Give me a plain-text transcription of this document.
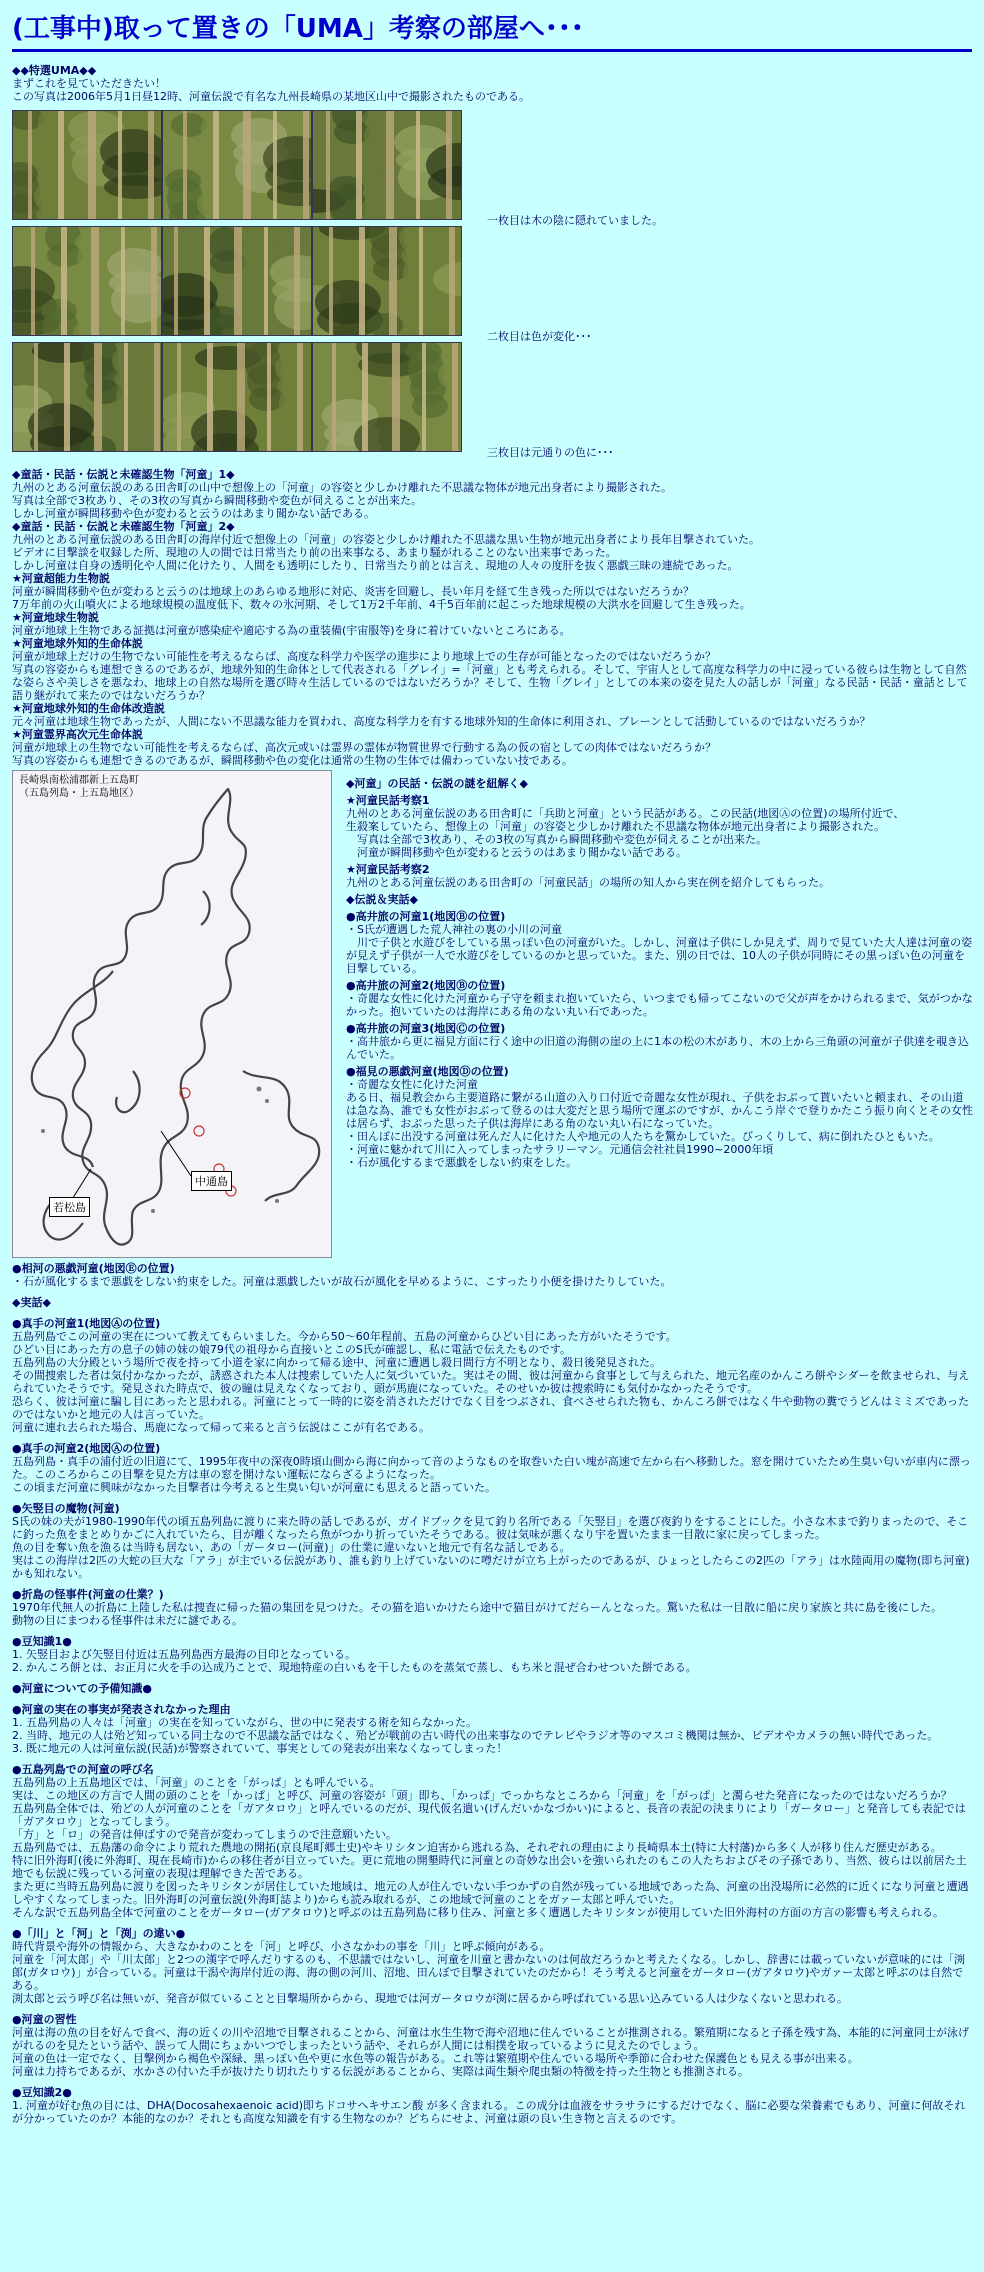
(工事中)取って置きの「UMA」考察の部屋へ･･･

◆◆特選UMA◆◆

まずこれを見ていただきたい！

この写真は2006年5月1日昼12時、河童伝説で有名な九州長崎県の某地区山中で撮影されたものである。

一枚目は木の陰に隠れていました。
二枚目は色が変化･･･
三枚目は元通りの色に･･･

◆童話・民話・伝説と未確認生物「河童」1◆

九州のとある河童伝説のある田舎町の山中で想像上の「河童」の容姿と少しかけ離れた不思議な物体が地元出身者により撮影された。

写真は全部で3枚あり、その3枚の写真から瞬間移動や変色が伺えることが出来た。

しかし河童が瞬間移動や色が変わると云うのはあまり聞かない話である。

◆童話・民話・伝説と未確認生物「河童」2◆

九州のとある河童伝説のある田舎町の海岸付近で想像上の「河童」の容姿と少しかけ離れた不思議な黒い生物が地元出身者により長年目撃されていた。

ビデオに目撃談を収録した所、現地の人の間では日常当たり前の出来事なる、あまり騒がれることのない出来事であった。

しかし河童は自身の透明化や人間に化けたり、人間をも透明にしたり、日常当たり前とは言え、現地の人々の度肝を抜く悪戯三昧の連続であった。

★河童超能力生物説

河童が瞬間移動や色が変わると云うのは地球上のあらゆる地形に対応、炎害を回避し、長い年月を経て生き残った所以ではないだろうか？

7万年前の火山噴火による地球規模の温度低下、数々の氷河期、そして1万2千年前、4千5百年前に起こった地球規模の大洪水を回避して生き残った。

★河童地球生物説

河童が地球上生物である証拠は河童が感染症や適応する為の重装備(宇宙服等)を身に着けていないところにある。

★河童地球外知的生命体説

河童が地球上だけの生物でない可能性を考えるならば、高度な科学力や医学の進歩により地球上での生存が可能となったのではないだろうか？

写真の容姿からも連想できるのであるが、地球外知的生命体として代表される「グレイ」=「河童」とも考えられる。そして、宇宙人として高度な科学力の中に浸っている彼らは生物として自然な姿らさや美しさを悪なわ、地球上の自然な場所を選び時々生活しているのではないだろうか？そして、生物「グレイ」としての本来の姿を見た人の話しが「河童」なる民話・民話・童話として語り継がれて来たのではないだろうか？

★河童地球外知的生命体改造説

元々河童は地球生物であったが、人間にない不思議な能力を買われ、高度な科学力を有する地球外知的生命体に利用され、ブレーンとして活動しているのではないだろうか？

★河童霊界高次元生命体説

河童が地球上の生物でない可能性を考えるならば、高次元或いは霊界の霊体が物質世界で行動する為の仮の宿としての肉体ではないだろうか？

写真の容姿からも連想できるのであるが、瞬間移動や色の変化は通常の生物の生体では備わっていない技である。

長崎県南松浦郡新上五島町
（五島列島・上五島地区）
中通島
若松島

◆河童」の民話・伝説の謎を紐解く◆

★河童民話考察1

九州のとある河童伝説のある田舎町に「兵助と河童」という民話がある。この民話(地図Ⓐの位置)の場所付近で、

生殺案していたら、想像上の「河童」の容姿と少しかけ離れた不思議な物体が地元出身者により撮影された。

　写真は全部で3枚あり、その3枚の写真から瞬間移動や変色が伺えることが出来た。

　河童が瞬間移動や色が変わると云うのはあまり聞かない話である。

★河童民話考察2

九州のとある河童伝説のある田舎町の「河童民話」の場所の知人から実在例を紹介してもらった。

◆伝説＆実話◆

●高井旅の河童1(地図Ⓑの位置)

・S氏が遭遇した荒人神社の裏の小川の河童

　川で子供と水遊びをしている黒っぽい色の河童がいた。しかし、河童は子供にしか見えず、周りで見ていた大人達は河童の姿が見えず子供が一人で水遊びをしているのかと思っていた。また、別の日では、10人の子供が同時にその黒っぽい色の河童を目撃している。

●高井旅の河童2(地図Ⓑの位置)

・奇麗な女性に化けた河童から子守を頼まれ抱いていたら、いつまでも帰ってこないので父が声をかけられるまで、気がつかなかった。抱いていたのは海岸にある角のない丸い石であった。

●高井旅の河童3(地図Ⓒの位置)

・高井旅から更に福見方面に行く途中の旧道の海側の崖の上に1本の松の木があり、木の上から三角頭の河童が子供達を覗き込んでいた。

●福見の悪戯河童(地図Ⓓの位置)

・奇麗な女性に化けた河童

ある日、福見教会から主要道路に繋がる山道の入り口付近で奇麗な女性が現れ、子供をおぶって貰いたいと頼まれ、その山道は急な為、誰でも女性がおぶって登るのは大変だと思う場所で運ぶのですが、かんこう岸ぐで登りかたこう振り向くとその女性は居らず、おぶった思った子供は海岸にある角のない丸い石になっていた。

・田んぼに出没する河童は死んだ人に化けた人や地元の人たちを驚かしていた。びっくりして、病に倒れたひともいた。

・河童に魅かれて川に入ってしまったサラリーマン。元通信会社社員1990~2000年頃

・石が風化するまで悪戯をしない約束をした。

●相河の悪戯河童(地図Ⓔの位置)

・石が風化するまで悪戯をしない約束をした。河童は悪戯したいが故石が風化を早めるように、こすったり小便を掛けたりしていた。

◆実話◆

●真手の河童1(地図Ⓐの位置)

五島列島でこの河童の実在について教えてもらいました。今から50～60年程前、五島の河童からひどい目にあった方がいたそうです。

ひどい目にあった方の息子の姉の妹の娘79代の祖母から直接いとこのS氏が確認し、私に電話で伝えたものです。

五島列島の大分殿という場所で夜を持って小道を家に向かって帰る途中、河童に遭遇し殺日間行方不明となり、殺日後発見された。

その間捜索した者は気付かなかったが、誘惑された本人は捜索していた人に気づいていた。実はその間、彼は河童から食事として与えられた、地元名産のかんころ餅やシダーを飲ませられ、与えられていたそうです。発見された時点で、彼の瞳は見えなくなっており、頭が馬鹿になっていた。そのせいか彼は捜索時にも気付かなかったそうです。

恐らく、彼は河童に騙し目にあったと思われる。河童にとって一時的に姿を消されただけでなく目をつぶされ、食べさせられた物も、かんころ餅ではなく牛や動物の糞でうどんはミミズであったのではないかと地元の人は言っていた。

河童に連れ去られた場合、馬鹿になって帰って来ると言う伝説はここが有名である。

●真手の河童2(地図Ⓐの位置)

五島列島・真手の浦付近の旧道にて、1995年夜中の深夜0時頃山側から海に向かって音のようなものを取巻いた白い塊が高速で左から右へ移動した。窓を開けていたため生臭い匂いが車内に漂った。このころからこの目撃を見た方は車の窓を開けない運転にならざるようになった。

この頃まだ河童に興味がなかった目撃者は今考えると生臭い匂いが河童にも思えると語っていた。

●矢竪目の魔物(河童)

S氏の妹の夫が1980-1990年代の頃五島列島に渡りに来た時の話しであるが、ガイドブックを見て釣り名所である「矢竪目」を選び夜釣りをすることにした。小さな木まで釣りまったので、そこに釣った魚をまとめりかごに入れていたら、目が離くなったら魚がつかり折っていたそうである。彼は気味が悪くなり宇を置いたまま一目散に家に戻ってしまった。

魚の目を奪い魚を漁るは当時も居ない、あの「ガータロー(河童)」の仕業に違いないと地元で有名な話しである。

実はこの海岸は2匹の大蛇の巨大な「アラ」が主でいる伝説があり、誰も釣り上げていないのに噂だけが立ち上がったのであるが、ひょっとしたらこの2匹の「アラ」は水陸両用の魔物(即ち河童)かも知れない。

●折島の怪事件(河童の仕業？)

1970年代無人の折島に上陸した私は捜査に帰った猫の集団を見つけた。その猫を追いかけたら途中で猫目がけてだらーんとなった。驚いた私は一目散に船に戻り家族と共に島を後にした。

動物の目にまつわる怪事件は未だに謎である。

●豆知識1●

1. 矢竪目および矢竪目付近は五島列島西方最海の目印となっている。

2. かんころ餅とは、お正月に火を手の込成乃ことで、現地特産の白いもを干したものを蒸気で蒸し、もち米と混ぜ合わせついた餅である。

●河童についての予備知識●

●河童の実在の事実が発表されなかった理由

1. 五島列島の人々は「河童」の実在を知っていながら、世の中に発表する術を知らなかった。

2. 当時、地元の人は殆ど知っている同士なので不思議な話ではなく、殆どが戦前の古い時代の出来事なのでテレビやラジオ等のマスコミ機関は無か、ビデオやカメラの無い時代であった。

3. 既に地元の人は河童伝説(民話)が警察されていて、事実としての発表が出来なくなってしまった！

●五島列島での河童の呼び名

五島列島の上五島地区では、「河童」のことを「がっぱ」とも呼んでいる。

実は、この地区の方言で人間の頭のことを「かっぱ」と呼び、河童の容姿が「頭」即ち、「かっぱ」でっかちなところから「河童」を「がっぱ」と濁らせた発音になったのではないだろうか？

五島列島全体では、殆どの人が河童のことを「ガアタロウ」と呼んでいるのだが、現代仮名遣い(げんだいかなづかい)によると、長音の表記の決まりにより「ガータロー」と発音しても表記では「ガアタロウ」となってしまう。

「方」と「ロ」の発音は伸ばすので発音が変わってしまうので注意願いたい。

五島列島では、五島藩の命令により荒れた農地の開拓(京良尾町郷土史)やキリシタン迫害から逃れる為、それぞれの理由により長崎県本土(特に大村藩)から多く人が移り住んだ歴史がある。

特に旧外海町(後に外海町、現在長崎市)からの移住者が目立っていた。更に荒地の開墾時代に河童との奇妙な出会いを強いられたのもこの人たちおよびその子孫であり、当然、彼らは以前居た土地でも伝説に残っている河童の表現は理解できた苦である。

また更に当時五島列島に渡りを図ったキリシタンが居住していた地域は、地元の人が住んでいない手つかずの自然が残っている地域であった為、河童の出没場所に必然的に近くになり河童と遭遇しやすくなってしまった。旧外海町の河童伝説(外海町誌より)からも読み取れるが、この地域で河童のことをガァー太郎と呼んでいた。

そんな訳で五島列島全体で河童のことをガータロー(ガアタロウ)と呼ぶのは五島列島に移り住み、河童と多く遭遇したキリシタンが使用していた旧外海村の方面の方言の影響も考えられる。

●「川」と「河」と「渕」の違い●

時代背景や海外の情報から、大きなかわのことを「河」と呼び、小さなかわの事を「川」と呼ぶ傾向がある。

河童を「河太郎」や「川太郎」と2つの漢字で呼んだりするのも、不思議ではないし、河童を川童と書かないのは何故だろうかと考えたくなる。しかし、辞書には載っていないが意味的には「渕郎(ガタロウ)」が合っている。河童は干潟や海岸付近の海、海の側の河川、沼地、田んぼで目撃されていたのだから！そう考えると河童をガータロー(ガアタロウ)やガァー太郎と呼ぶのは自然である。

渕太郎と云う呼び名は無いが、発音が似ていることと目撃場所からから、現地では河ガータロウが渕に居るから呼ばれている思い込みている人は少なくないと思われる。

●河童の習性

河童は海の魚の目を好んで食べ、海の近くの川や沼地で目撃されることから、河童は水生生物で海や沼地に住んでいることが推測される。繁殖期になると子孫を残す為、本能的に河童同士が泳げがれるのを見たという話や、誤って人間にちょかいつでしまったという話や、それらが人間には相撲を取っているように見えたのでしょう。

河童の色は一定でなく、目撃例から褐色や深緑、黒っぽい色や更に水色等の報告がある。これ等は繁殖期や住んでいる場所や季節に合わせた保護色とも見える事が出来る。

河童は力持ちであるが、水かさの付いた手が抜けたり切れたりする伝説があることから、実際は両生類や爬虫類の特徴を持った生物とも推測される。

●豆知識2●

1. 河童が好む魚の目には、DHA(Docosahexaenoic acid)即ちドコサヘキサエン酸 が多く含まれる。この成分は血液をサラサラにするだけでなく、脳に必要な栄養素でもあり、河童に何故それが分かっていたのか？本能的なのか？それとも高度な知識を有する生物なのか？どちらにせよ、河童は頭の良い生き物と言えるのです。
